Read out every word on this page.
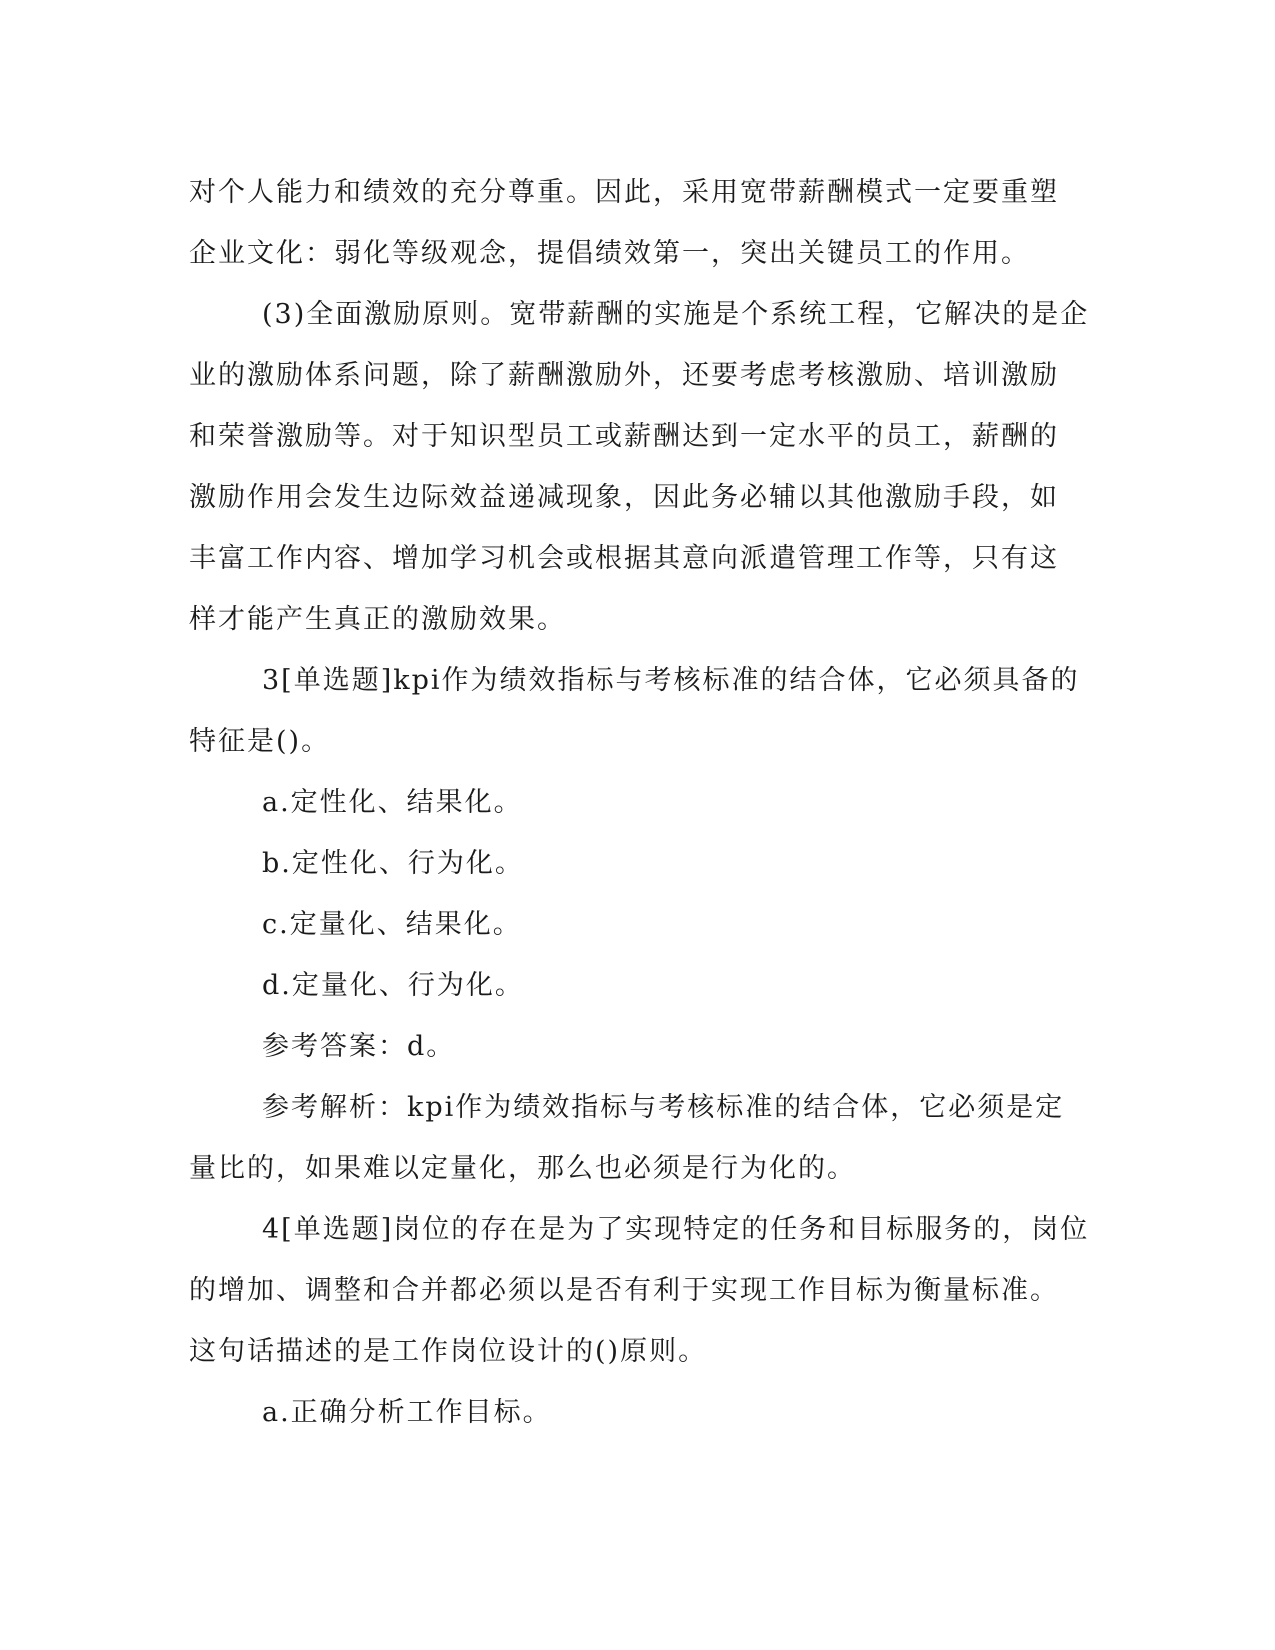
对个人能力和绩效的充分尊重。因此，采用宽带薪酬模式一定要重塑
企业文化：弱化等级观念，提倡绩效第一，突出关键员工的作用。
(3)全面激励原则。宽带薪酬的实施是个系统工程，它解决的是企
业的激励体系问题，除了薪酬激励外，还要考虑考核激励、培训激励
和荣誉激励等。对于知识型员工或薪酬达到一定水平的员工，薪酬的
激励作用会发生边际效益递减现象，因此务必辅以其他激励手段，如
丰富工作内容、增加学习机会或根据其意向派遣管理工作等，只有这
样才能产生真正的激励效果。
3[单选题]kpi作为绩效指标与考核标准的结合体，它必须具备的
特征是()。
a.定性化、结果化。
b.定性化、行为化。
c.定量化、结果化。
d.定量化、行为化。
参考答案：d。
参考解析：kpi作为绩效指标与考核标准的结合体，它必须是定
量比的，如果难以定量化，那么也必须是行为化的。
4[单选题]岗位的存在是为了实现特定的任务和目标服务的，岗位
的增加、调整和合并都必须以是否有利于实现工作目标为衡量标准。
这句话描述的是工作岗位设计的()原则。
a.正确分析工作目标。
